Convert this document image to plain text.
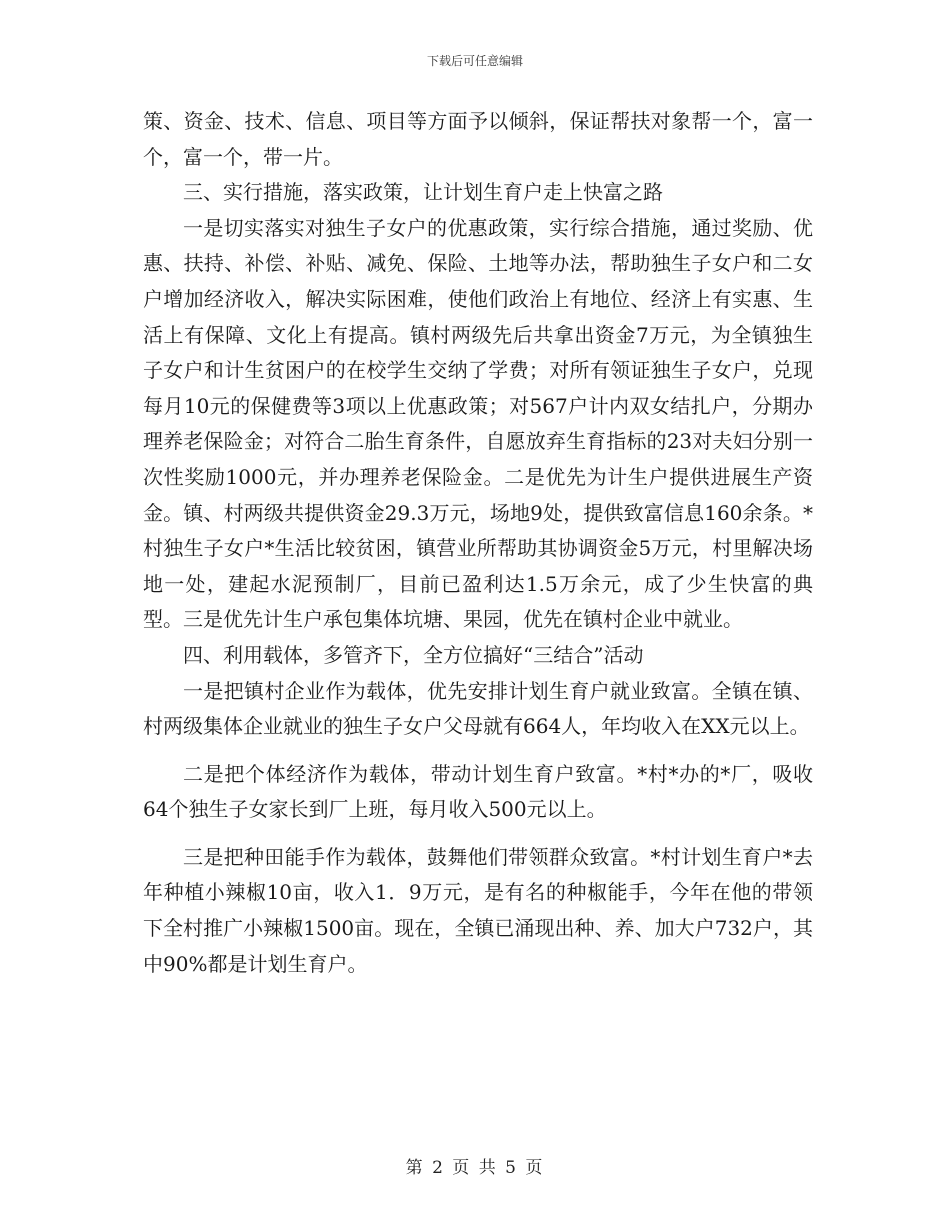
下载后可任意编辑

策、资金、技术、信息、项目等方面予以倾斜，保证帮扶对象帮一个，富一个，富一个，带一片。

三、实行措施，落实政策，让计划生育户走上快富之路

一是切实落实对独生子女户的优惠政策，实行综合措施，通过奖励、优惠、扶持、补偿、补贴、减免、保险、土地等办法，帮助独生子女户和二女户增加经济收入，解决实际困难，使他们政治上有地位、经济上有实惠、生活上有保障、文化上有提高。镇村两级先后共拿出资金7万元，为全镇独生子女户和计生贫困户的在校学生交纳了学费；对所有领证独生子女户，兑现每月10元的保健费等3项以上优惠政策；对567户计内双女结扎户，分期办理养老保险金；对符合二胎生育条件，自愿放弃生育指标的23对夫妇分别一次性奖励1000元，并办理养老保险金。二是优先为计生户提供进展生产资金。镇、村两级共提供资金29.3万元，场地9处，提供致富信息160余条。*村独生子女户*生活比较贫困，镇营业所帮助其协调资金5万元，村里解决场地一处，建起水泥预制厂，目前已盈利达1.5万余元，成了少生快富的典型。三是优先计生户承包集体坑塘、果园，优先在镇村企业中就业。

四、利用载体，多管齐下，全方位搞好“三结合”活动

一是把镇村企业作为载体，优先安排计划生育户就业致富。全镇在镇、村两级集体企业就业的独生子女户父母就有664人，年均收入在XX元以上。

二是把个体经济作为载体，带动计划生育户致富。*村*办的*厂，吸收64个独生子女家长到厂上班，每月收入500元以上。

三是把种田能手作为载体，鼓舞他们带领群众致富。*村计划生育户*去年种植小辣椒10亩，收入1．9万元，是有名的种椒能手，今年在他的带领下全村推广小辣椒1500亩。现在，全镇已涌现出种、养、加大户732户，其中90%都是计划生育户。

第 2 页 共 5 页
